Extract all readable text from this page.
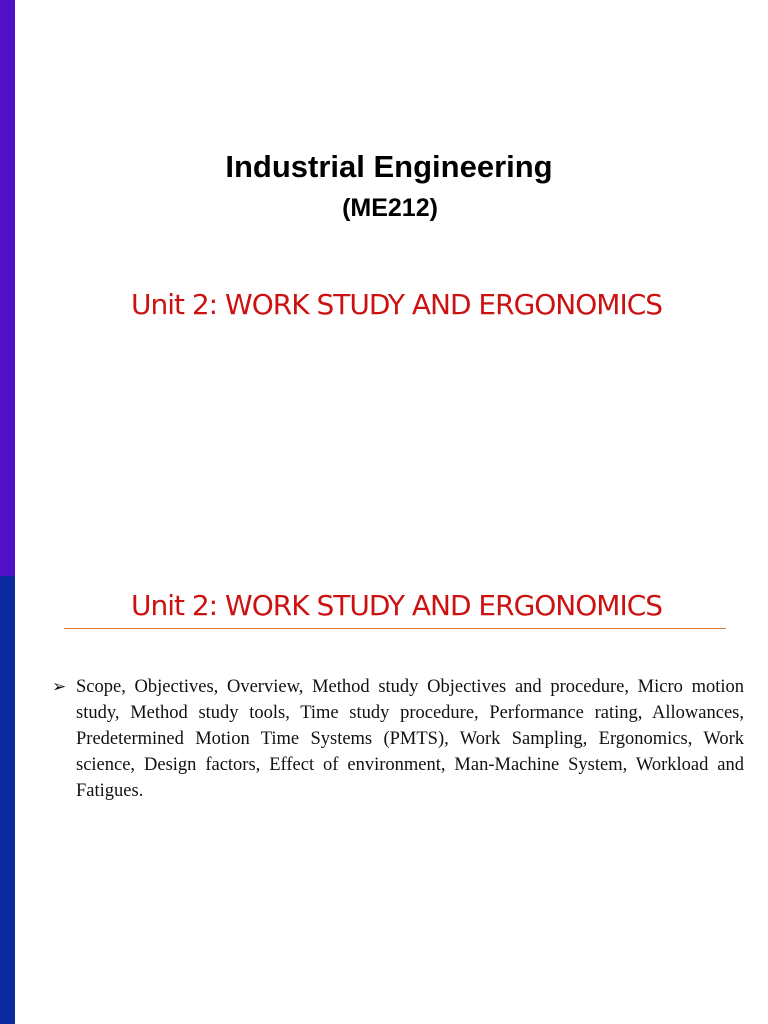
Industrial Engineering
(ME212)
Unit 2: WORK STUDY AND ERGONOMICS
Unit 2: WORK STUDY AND ERGONOMICS
➢ Scope, Objectives, Overview, Method study Objectives and procedure, Micro motion study, Method study tools, Time study procedure, Performance rating, Allowances, Predetermined Motion Time Systems (PMTS), Work Sampling, Ergonomics, Work science, Design factors, Effect of environment, Man-Machine System, Workload and Fatigues.
